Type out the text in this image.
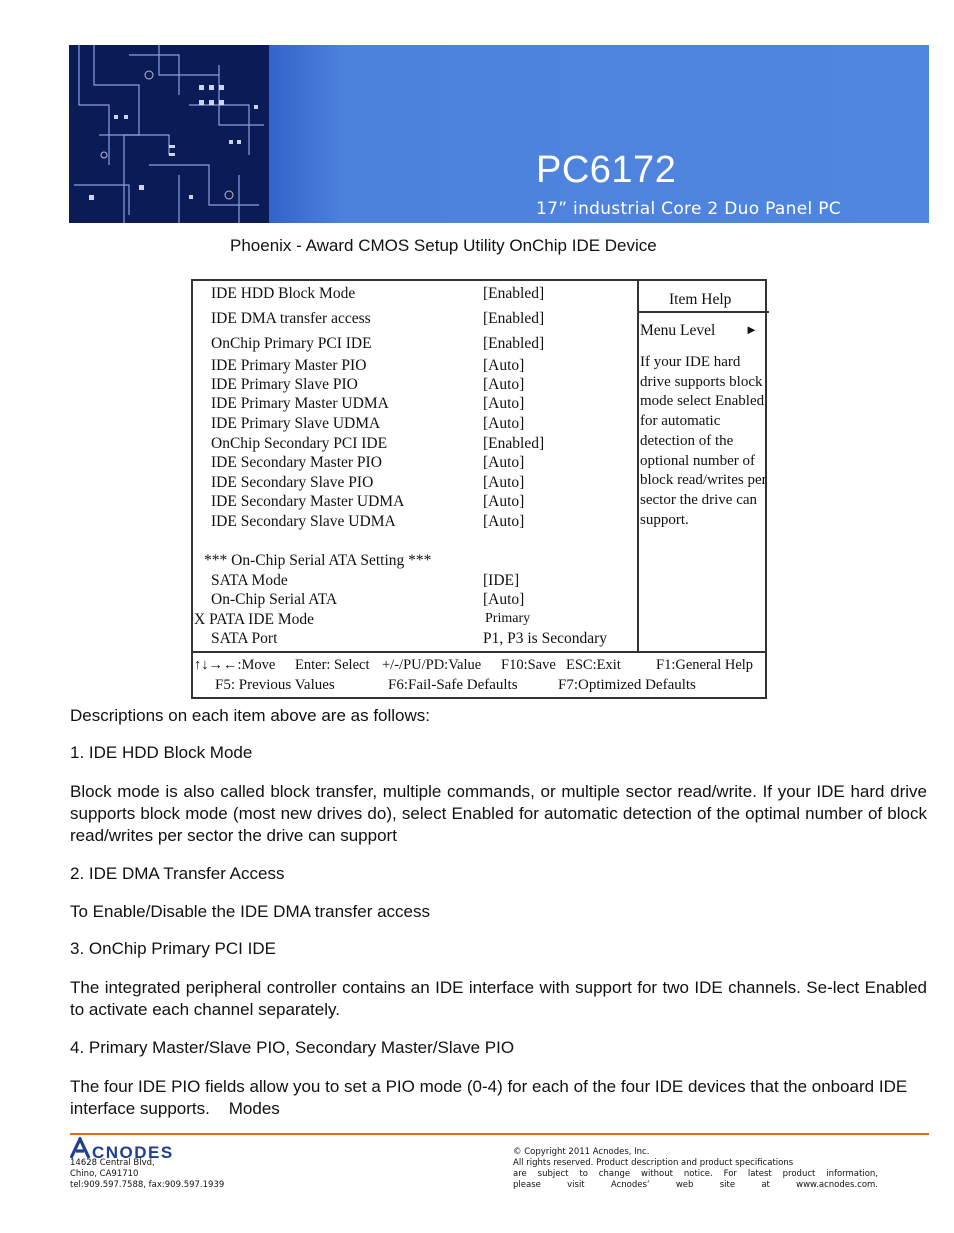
PC6172
17” industrial Core 2 Duo Panel PC
Phoenix - Award CMOS Setup Utility OnChip IDE Device
IDE HDD Block Mode	[Enabled]
IDE DMA transfer access	[Enabled]
OnChip Primary PCI IDE	[Enabled]
IDE Primary Master PIO	[Auto]
IDE Primary Slave PIO	[Auto]
IDE Primary Master UDMA	[Auto]
IDE Primary Slave UDMA	[Auto]
OnChip Secondary PCI IDE	[Enabled]
IDE Secondary Master PIO	[Auto]
IDE Secondary Slave PIO	[Auto]
IDE Secondary Master UDMA	[Auto]
IDE Secondary Slave UDMA	[Auto]
*** On-Chip Serial ATA Setting ***
SATA Mode	[IDE]
On-Chip Serial ATA	[Auto]
X PATA IDE Mode	Primary
SATA Port	P1, P3 is Secondary
Item Help
Menu Level ►
If your IDE hard drive supports block mode select Enabled for automatic detection of the optional number of block read/writes per sector the drive can support.
↑↓→←:Move Enter: Select +/-/PU/PD:Value F10:Save ESC:Exit F1:General Help
F5: Previous Values	F6:Fail-Safe Defaults	F7:Optimized Defaults
Descriptions on each item above are as follows:
1. IDE HDD Block Mode
Block mode is also called block transfer, multiple commands, or multiple sector read/write. If your IDE hard drive supports block mode (most new drives do), select Enabled for automatic detection of the optimal number of block read/writes per sector the drive can support
2. IDE DMA Transfer Access
To Enable/Disable the IDE DMA transfer access
3. OnChip Primary PCI IDE
The integrated peripheral controller contains an IDE interface with support for two IDE channels. Se-lect Enabled to activate each channel separately.
4. Primary Master/Slave PIO, Secondary Master/Slave PIO
The four IDE PIO fields allow you to set a PIO mode (0-4) for each of the four IDE devices that the onboard IDE interface supports.    Modes
CNODES
14628 Central Blvd,
Chino, CA91710
tel:909.597.7588, fax:909.597.1939
© Copyright 2011 Acnodes, Inc.
All rights reserved. Product description and product specifications
are subject to change without notice. For latest product information,
please visit Acnodes’ web site at www.acnodes.com.
